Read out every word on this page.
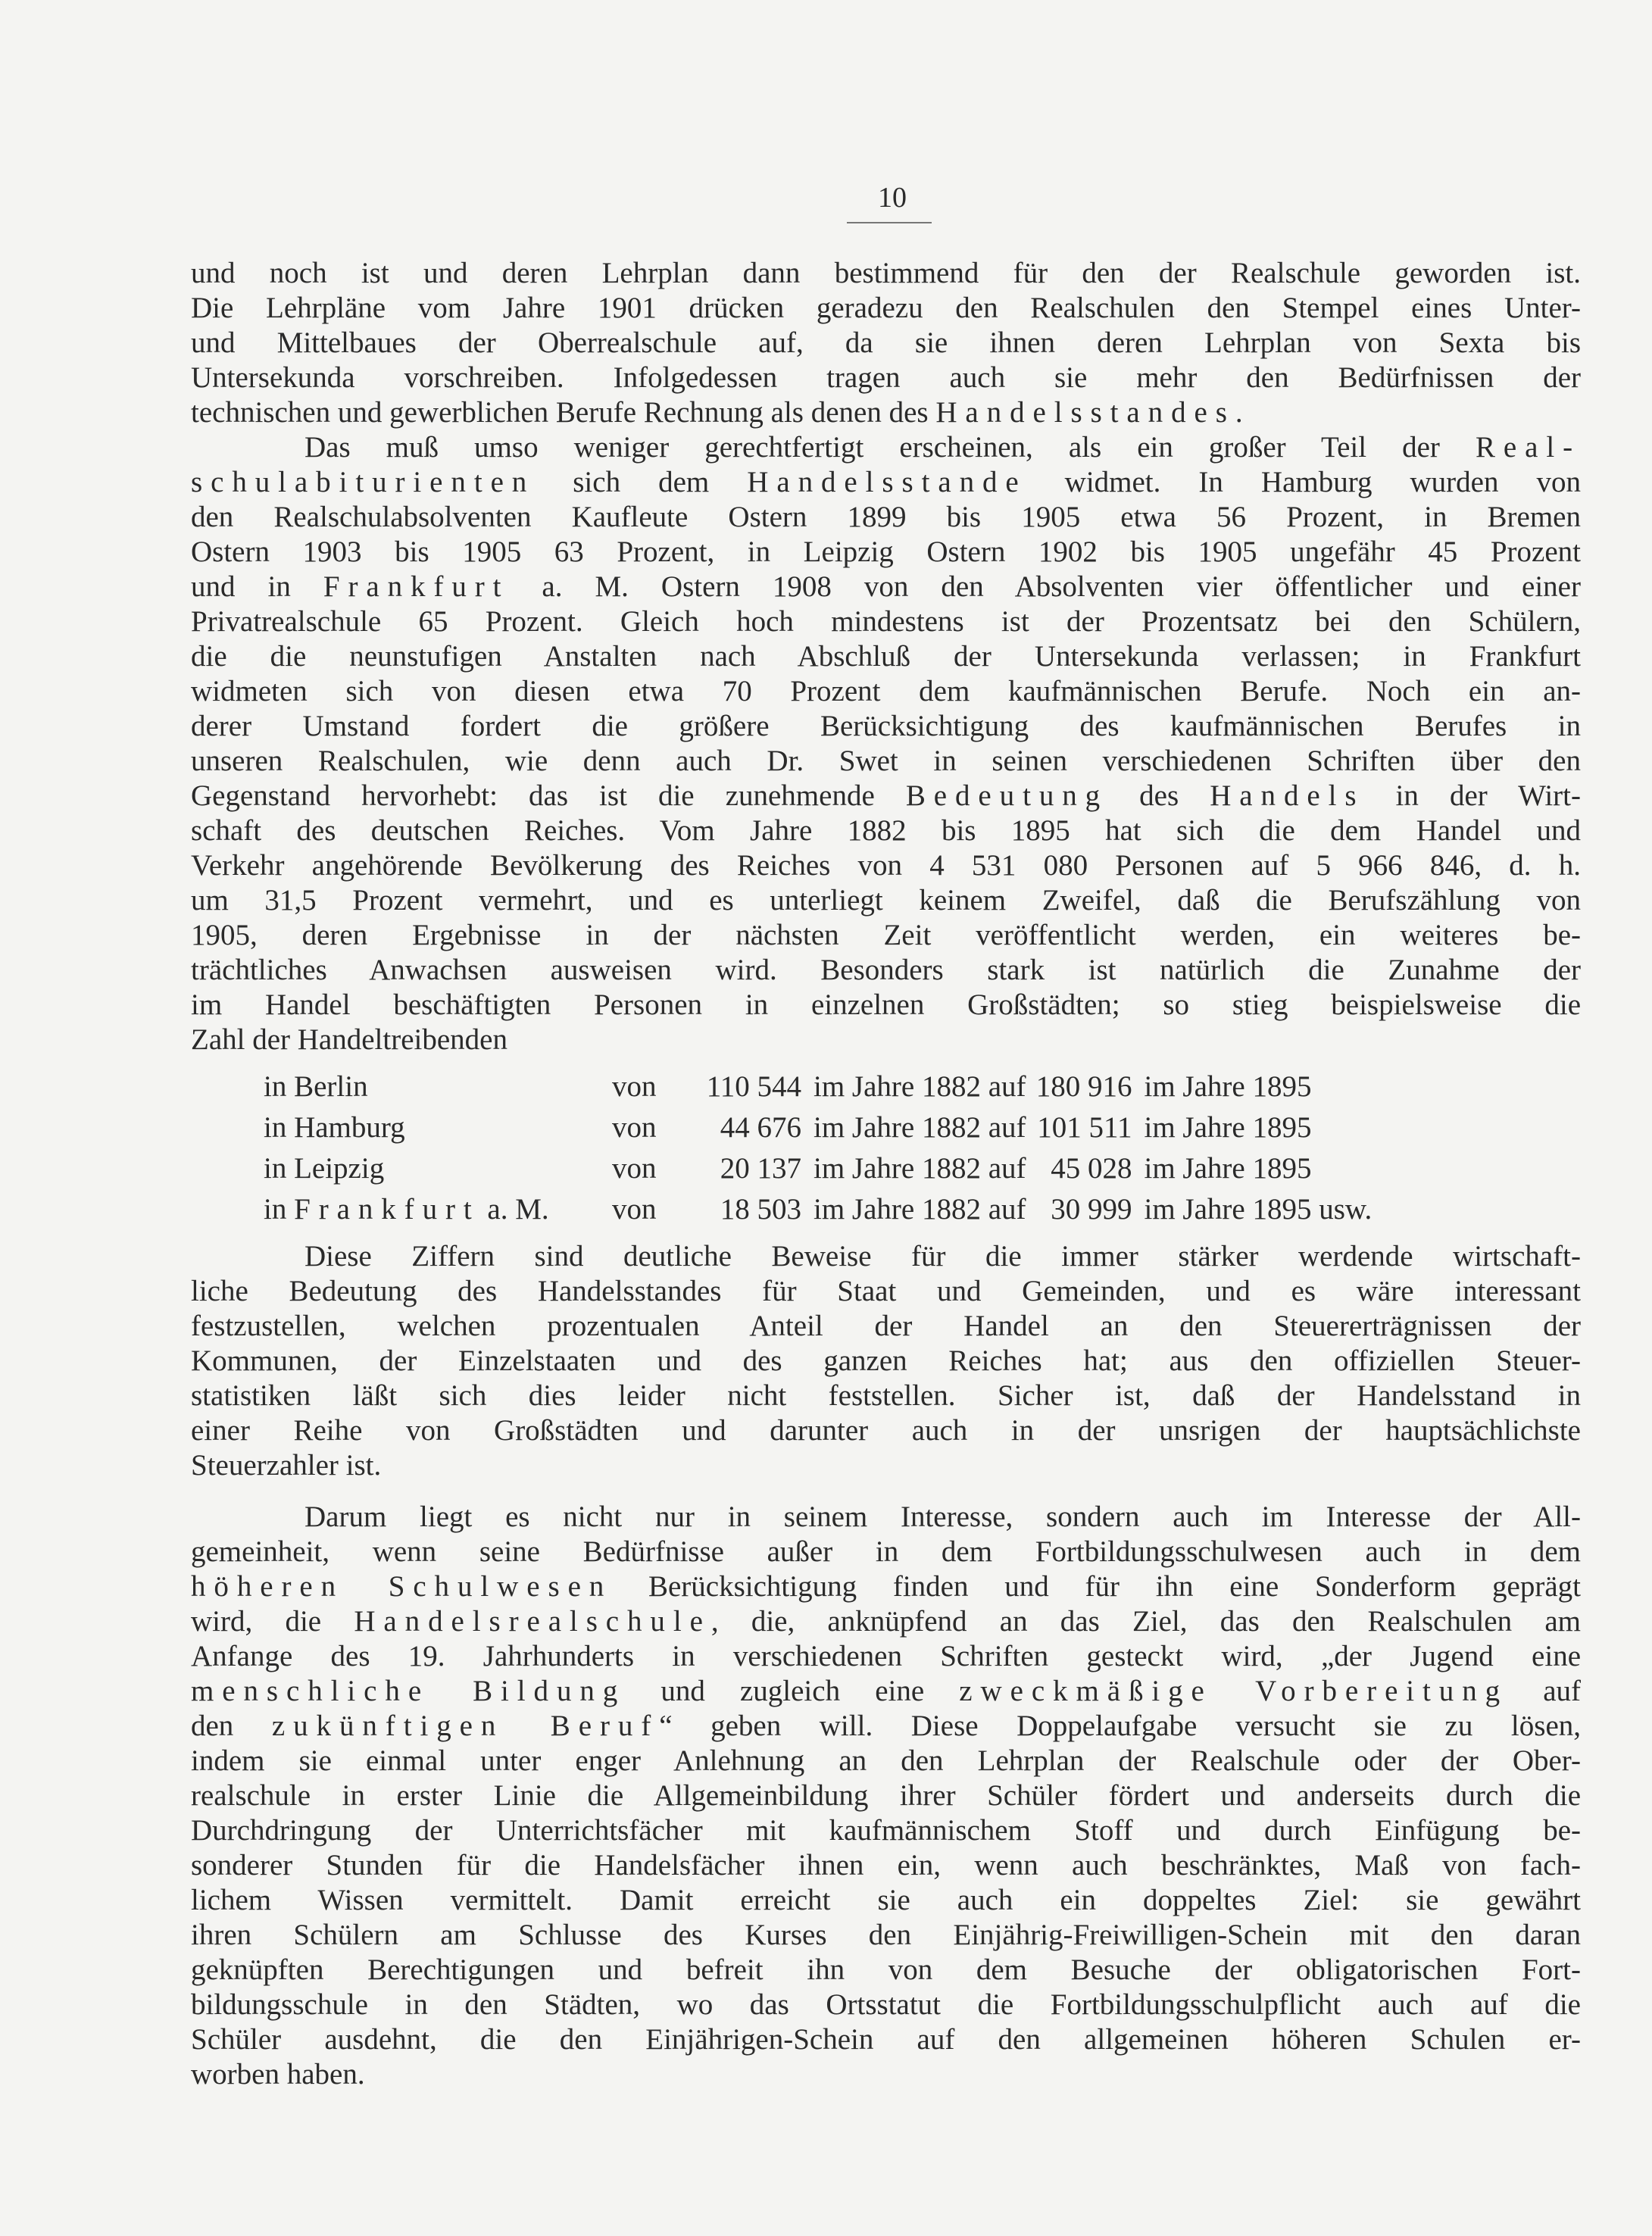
10
und noch ist und deren Lehrplan dann bestimmend für den der Realschule geworden ist.
Die Lehrpläne vom Jahre 1901 drücken geradezu den Realschulen den Stempel eines Unter-
und Mittelbaues der Oberrealschule auf, da sie ihnen deren Lehrplan von Sexta bis
Untersekunda vorschreiben. Infolgedessen tragen auch sie mehr den Bedürfnissen der
technischen und gewerblichen Berufe Rechnung als denen des Handelsstandes.
Das muß umso weniger gerechtfertigt erscheinen, als ein großer Teil der Real-
schulabiturienten sich dem Handelsstande widmet. In Hamburg wurden von
den Realschulabsolventen Kaufleute Ostern 1899 bis 1905 etwa 56 Prozent, in Bremen
Ostern 1903 bis 1905 63 Prozent, in Leipzig Ostern 1902 bis 1905 ungefähr 45 Prozent
und in Frankfurt a. M. Ostern 1908 von den Absolventen vier öffentlicher und einer
Privatrealschule 65 Prozent. Gleich hoch mindestens ist der Prozentsatz bei den Schülern,
die die neunstufigen Anstalten nach Abschluß der Untersekunda verlassen; in Frankfurt
widmeten sich von diesen etwa 70 Prozent dem kaufmännischen Berufe. Noch ein an-
derer Umstand fordert die größere Berücksichtigung des kaufmännischen Berufes in
unseren Realschulen, wie denn auch Dr. Swet in seinen verschiedenen Schriften über den
Gegenstand hervorhebt: das ist die zunehmende Bedeutung des Handels in der Wirt-
schaft des deutschen Reiches. Vom Jahre 1882 bis 1895 hat sich die dem Handel und
Verkehr angehörende Bevölkerung des Reiches von 4 531 080 Personen auf 5 966 846, d. h.
um 31,5 Prozent vermehrt, und es unterliegt keinem Zweifel, daß die Berufszählung von
1905, deren Ergebnisse in der nächsten Zeit veröffentlicht werden, ein weiteres be-
trächtliches Anwachsen ausweisen wird. Besonders stark ist natürlich die Zunahme der
im Handel beschäftigten Personen in einzelnen Großstädten; so stieg beispielsweise die
Zahl der Handeltreibenden
in Berlin	von	110 544	im Jahre 1882 auf	180 916	im Jahre 1895
in Hamburg	von	44 676	im Jahre 1882 auf	101 511	im Jahre 1895
in Leipzig	von	20 137	im Jahre 1882 auf	45 028	im Jahre 1895
in Frankfurt a. M.	von	18 503	im Jahre 1882 auf	30 999	im Jahre 1895 usw.
Diese Ziffern sind deutliche Beweise für die immer stärker werdende wirtschaft-
liche Bedeutung des Handelsstandes für Staat und Gemeinden, und es wäre interessant
festzustellen, welchen prozentualen Anteil der Handel an den Steuererträgnissen der
Kommunen, der Einzelstaaten und des ganzen Reiches hat; aus den offiziellen Steuer-
statistiken läßt sich dies leider nicht feststellen. Sicher ist, daß der Handelsstand in
einer Reihe von Großstädten und darunter auch in der unsrigen der hauptsächlichste
Steuerzahler ist.
Darum liegt es nicht nur in seinem Interesse, sondern auch im Interesse der All-
gemeinheit, wenn seine Bedürfnisse außer in dem Fortbildungsschulwesen auch in dem
höheren Schulwesen Berücksichtigung finden und für ihn eine Sonderform geprägt
wird, die Handelsrealschule, die, anknüpfend an das Ziel, das den Realschulen am
Anfange des 19. Jahrhunderts in verschiedenen Schriften gesteckt wird, „der Jugend eine
menschliche Bildung und zugleich eine zweckmäßige Vorbereitung auf
den zukünftigen Beruf“ geben will. Diese Doppelaufgabe versucht sie zu lösen,
indem sie einmal unter enger Anlehnung an den Lehrplan der Realschule oder der Ober-
realschule in erster Linie die Allgemeinbildung ihrer Schüler fördert und anderseits durch die
Durchdringung der Unterrichtsfächer mit kaufmännischem Stoff und durch Einfügung be-
sonderer Stunden für die Handelsfächer ihnen ein, wenn auch beschränktes, Maß von fach-
lichem Wissen vermittelt. Damit erreicht sie auch ein doppeltes Ziel: sie gewährt
ihren Schülern am Schlusse des Kurses den Einjährig-Freiwilligen-Schein mit den daran
geknüpften Berechtigungen und befreit ihn von dem Besuche der obligatorischen Fort-
bildungsschule in den Städten, wo das Ortsstatut die Fortbildungsschulpflicht auch auf die
Schüler ausdehnt, die den Einjährigen-Schein auf den allgemeinen höheren Schulen er-
worben haben.
